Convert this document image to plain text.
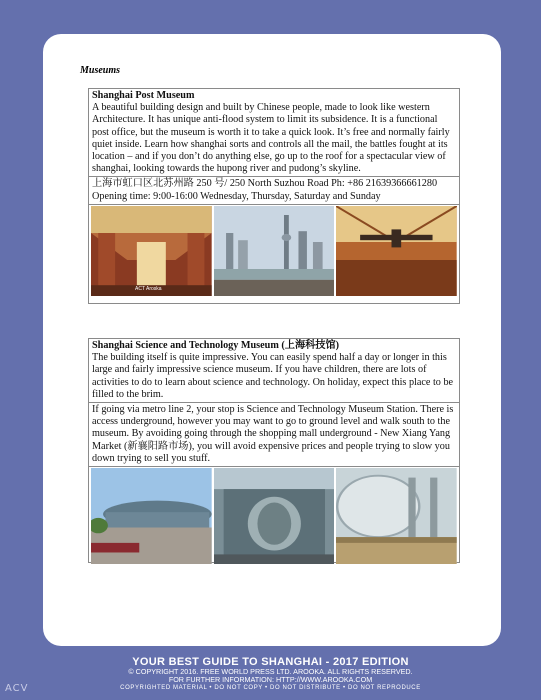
Museums
Shanghai Post Museum
A beautiful building design and built by Chinese people, made to look like western Architecture. It has unique anti-flood system to limit its subsidence. It is a functional post office, but the museum is worth it to take a quick look. It’s free and normally fairly quiet inside. Learn how shanghai sorts and controls all the mail, the battles fought at its location – and if you don’t do anything else, go up to the roof for a spectacular view of shanghai, looking towards the hupong river and pudong’s skyline.
上海市虹口区北苏州路 250 号/ 250 North Suzhou Road Ph: +86 21639366661280
Opening time: 9:00-16:00 Wednesday, Thursday, Saturday and Sunday
ACT Aroska
Shanghai Science and Technology Museum (上海科技馆)
The building itself is quite impressive. You can easily spend half a day or longer in this large and fairly impressive science museum. If you have children, there are lots of activities to do to learn about science and technology. On holiday, expect this place to be filled to the brim.
If going via metro line 2, your stop is Science and Technology Museum Station. There is access underground, however you may want to go to ground level and walk south to the museum. By avoiding going through the shopping mall underground - New Xiang Yang Market (新襄阳路市场), you will avoid expensive prices and people trying to slow you down trying to sell you stuff.
YOUR BEST GUIDE TO SHANGHAI - 2017 EDITION
© COPYRIGHT 2016. FREE WORLD PRESS LTD. AROOKA. ALL RIGHTS RESERVED.
FOR FURTHER INFORMATION: HTTP://WWW.AROOKA.COM
COPYRIGHTED MATERIAL • DO NOT COPY • DO NOT DISTRIBUTE • DO NOT REPRODUCE
ACV
